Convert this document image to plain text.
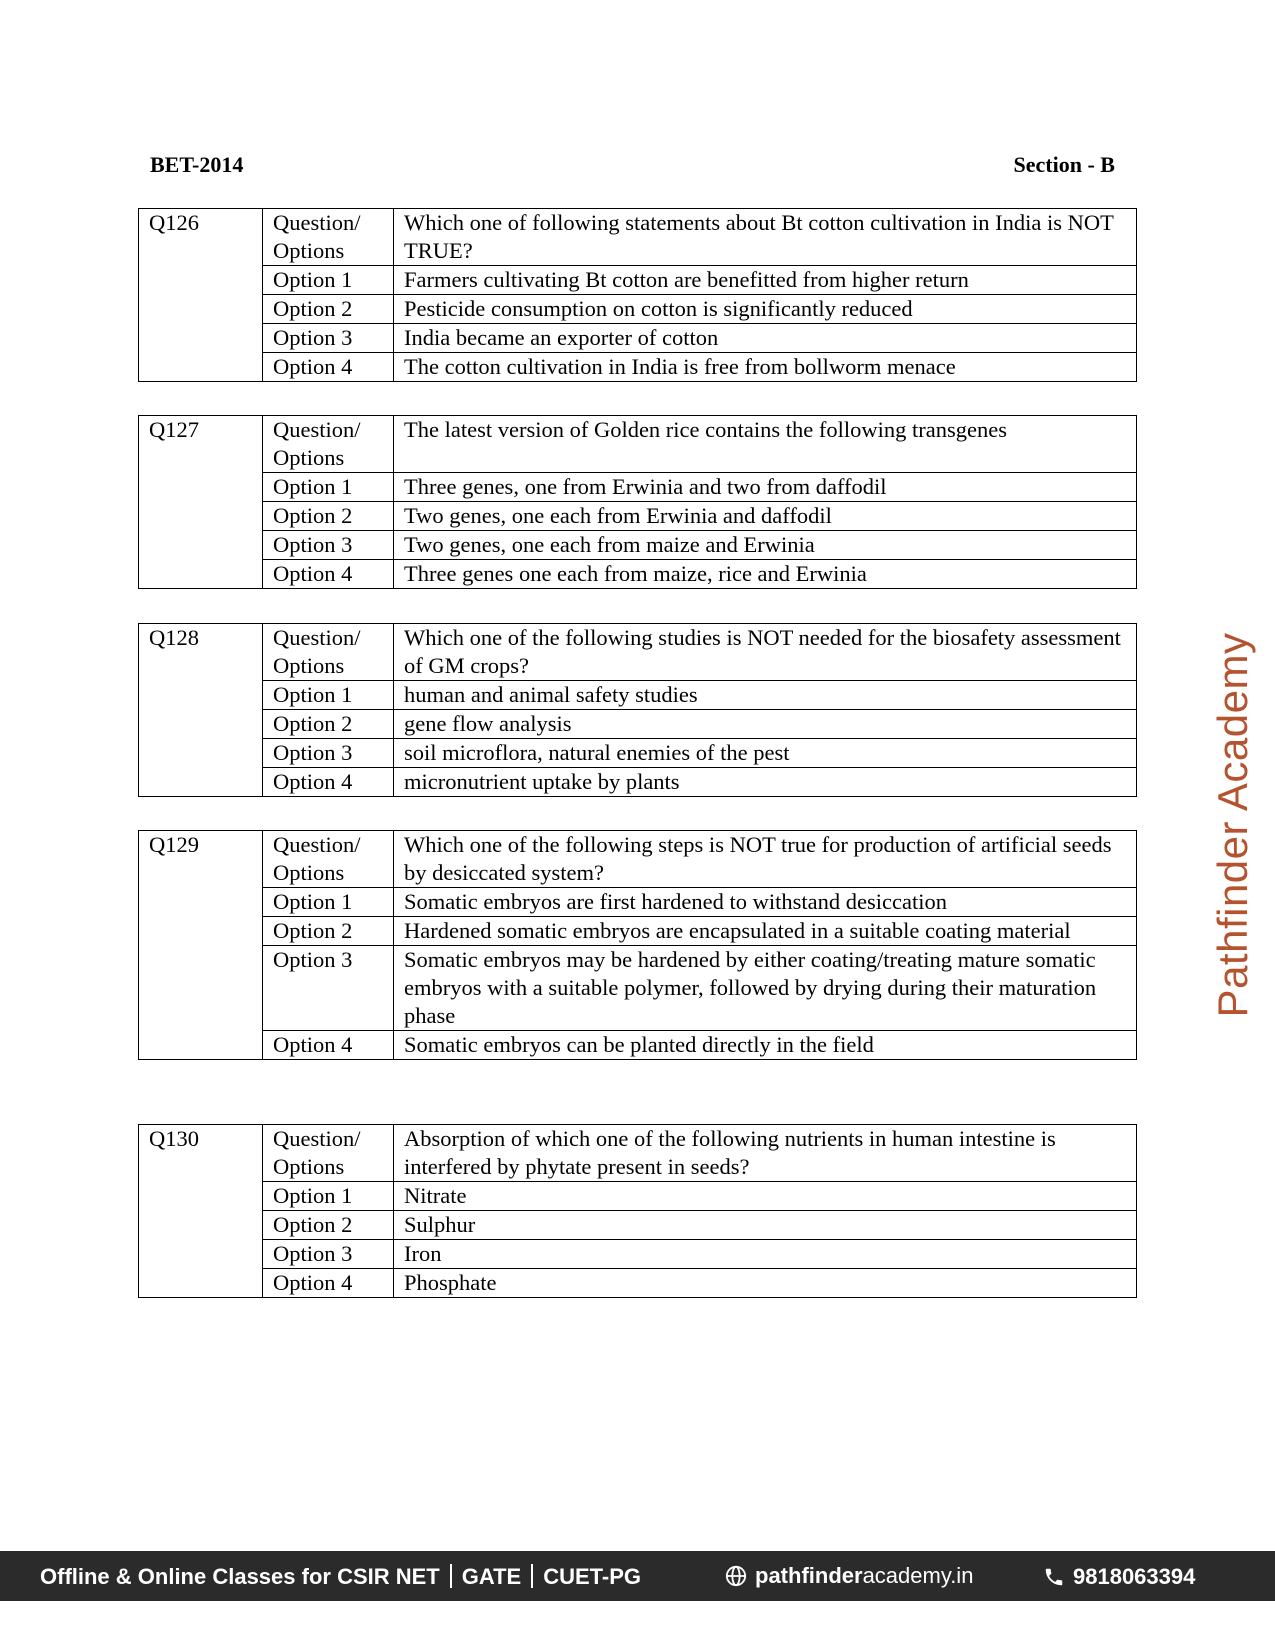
BET-2014	Section - B
Q126	Question/ Options	Which one of following statements about Bt cotton cultivation in India is NOT TRUE?
	Option 1	Farmers cultivating Bt cotton are benefitted from higher return
	Option 2	Pesticide consumption on cotton is significantly reduced
	Option 3	India became an exporter of cotton
	Option 4	The cotton cultivation in India is free from bollworm menace
Q127	Question/ Options	The latest version of Golden rice contains the following transgenes
	Option 1	Three genes, one from Erwinia and two from daffodil
	Option 2	Two genes, one each from Erwinia and daffodil
	Option 3	Two genes, one each from maize and Erwinia
	Option 4	Three genes one each from maize, rice and Erwinia
Q128	Question/ Options	Which one of the following studies is NOT needed for the biosafety assessment of GM crops?
	Option 1	human and animal safety studies
	Option 2	gene flow analysis
	Option 3	soil microflora, natural enemies of the pest
	Option 4	micronutrient uptake by plants
Q129	Question/ Options	Which one of the following steps is NOT true for production of artificial seeds by desiccated system?
	Option 1	Somatic embryos are first hardened to withstand desiccation
	Option 2	Hardened somatic embryos are encapsulated in a suitable coating material
	Option 3	Somatic embryos may be hardened by either coating/treating mature somatic embryos with a suitable polymer, followed by drying during their maturation phase
	Option 4	Somatic embryos can be planted directly in the field
Q130	Question/ Options	Absorption of which one of the following nutrients in human intestine is interfered by phytate present in seeds?
	Option 1	Nitrate
	Option 2	Sulphur
	Option 3	Iron
	Option 4	Phosphate
Pathfinder Academy
Offline & Online Classes for CSIR NET GATE CUET-PG	pathfinderacademy.in	9818063394
